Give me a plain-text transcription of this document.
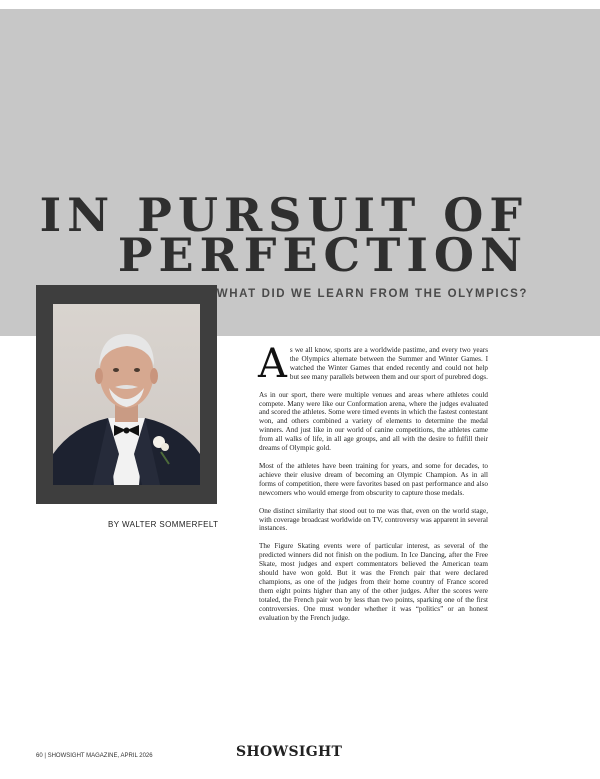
IN PURSUIT OF
PERFECTION
WHAT DID WE LEARN FROM THE OLYMPICS?
BY WALTER SOMMERFELT

As we all know, sports are a worldwide pastime, and every two years the Olympics alternate between the Summer and Winter Games. I watched the Winter Games that ended recently and could not help but see many parallels between them and our sport of purebred dogs.

As in our sport, there were multiple venues and areas where athletes could compete. Many were like our Conformation arena, where the judges evaluated and scored the athletes. Some were timed events in which the fastest contestant won, and others combined a variety of elements to determine the medal winners. And just like in our world of canine competitions, the athletes came from all walks of life, in all age groups, and all with the desire to fulfill their dreams of Olympic gold.

Most of the athletes have been training for years, and some for decades, to achieve their elusive dream of becoming an Olympic Champion. As in all forms of competition, there were favorites based on past performance and also newcomers who would emerge from obscurity to capture those medals.

One distinct similarity that stood out to me was that, even on the world stage, with coverage broadcast worldwide on TV, controversy was apparent in several instances.

The Figure Skating events were of particular interest, as several of the predicted winners did not finish on the podium. In Ice Dancing, after the Free Skate, most judges and expert commentators believed the American team should have won gold. But it was the French pair that were declared champions, as one of the judges from their home country of France scored them eight points higher than any of the other judges. After the scores were totaled, the French pair won by less than two points, sparking one of the first controversies. One must wonder whether it was “politics” or an honest evaluation by the French judge.

60 | SHOWSIGHT MAGAZINE, APRIL 2026	SHOWSIGHT
